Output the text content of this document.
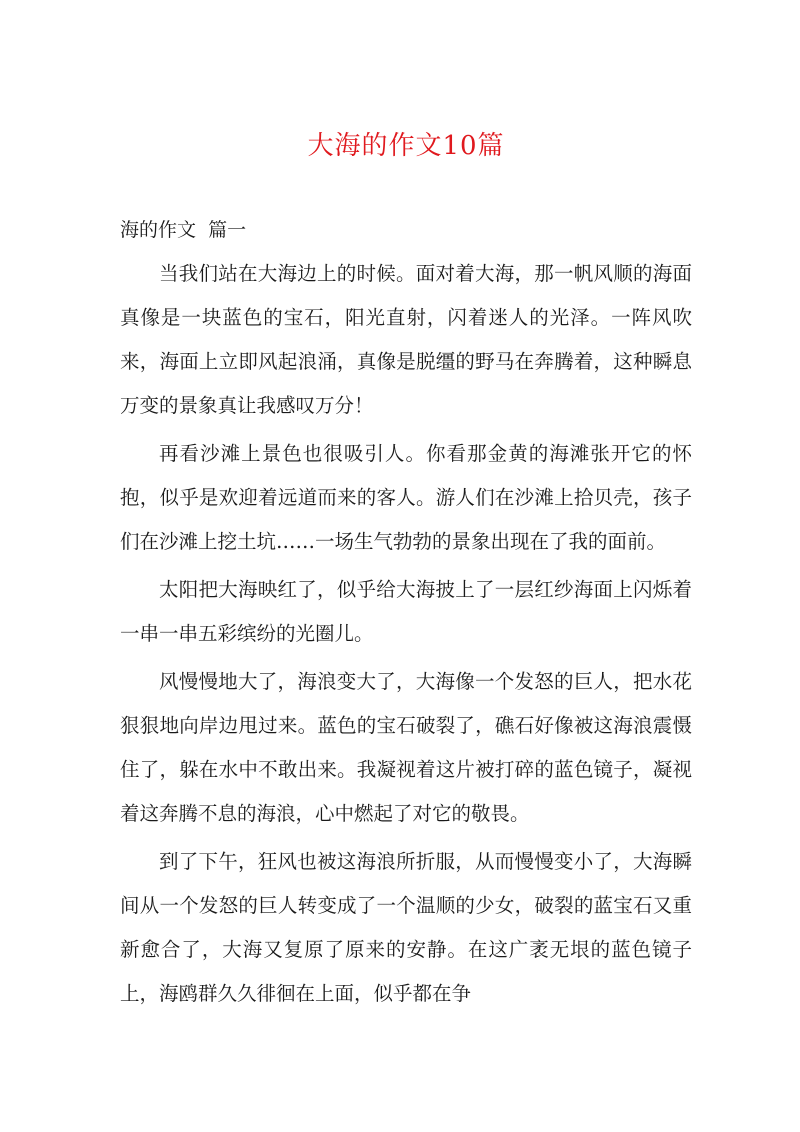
大海的作文10篇
海的作文  篇一

当我们站在大海边上的时候。面对着大海，那一帆风顺的海面真像是一块蓝色的宝石，阳光直射，闪着迷人的光泽。一阵风吹来，海面上立即风起浪涌，真像是脱缰的野马在奔腾着，这种瞬息万变的景象真让我感叹万分！

再看沙滩上景色也很吸引人。你看那金黄的海滩张开它的怀抱，似乎是欢迎着远道而来的客人。游人们在沙滩上拾贝壳，孩子们在沙滩上挖土坑……一场生气勃勃的景象出现在了我的面前。

太阳把大海映红了，似乎给大海披上了一层红纱海面上闪烁着一串一串五彩缤纷的光圈儿。

风慢慢地大了，海浪变大了，大海像一个发怒的巨人，把水花狠狠地向岸边甩过来。蓝色的宝石破裂了，礁石好像被这海浪震慑住了，躲在水中不敢出来。我凝视着这片被打碎的蓝色镜子，凝视着这奔腾不息的海浪，心中燃起了对它的敬畏。

到了下午，狂风也被这海浪所折服，从而慢慢变小了，大海瞬间从一个发怒的巨人转变成了一个温顺的少女，破裂的蓝宝石又重新愈合了，大海又复原了原来的安静。在这广袤无垠的蓝色镜子上，海鸥群久久徘徊在上面，似乎都在争
